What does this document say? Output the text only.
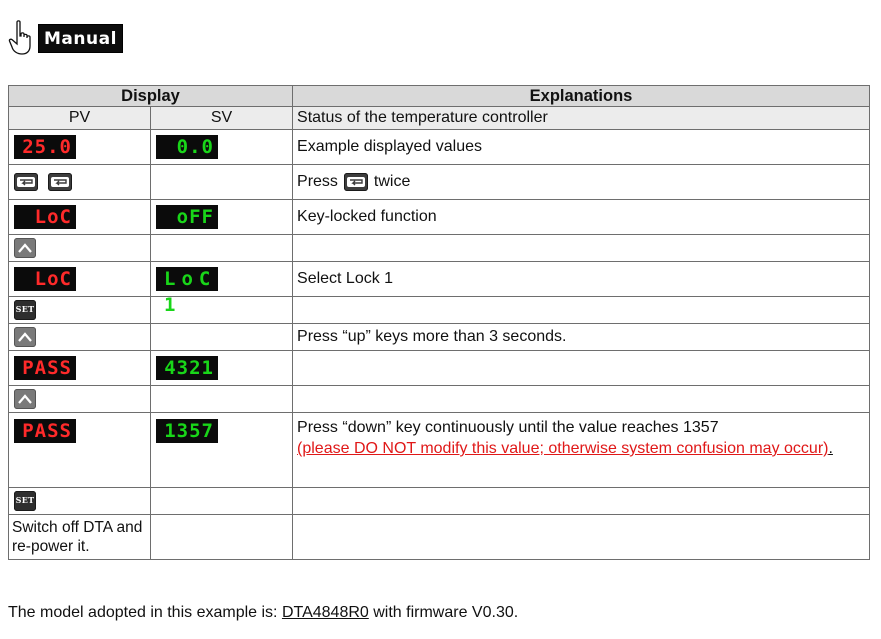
Manual
Display		Explanations
PV	SV	Status of the temperature controller

25.0	0.0	Example displayed values

		Press twice

LoC	oFF	Key-locked function

LoC	LoC 1	Select Lock 1

SET		

		Press “up” keys more than 3 seconds.

PASS	4321	

PASS	1357	Press “down” key continuously until the value reaches 1357
(please DO NOT modify this value; otherwise system confusion may occur).

SET		

Switch off DTA and re-power it.		
The model adopted in this example is: DTA4848R0 with firmware V0.30.
